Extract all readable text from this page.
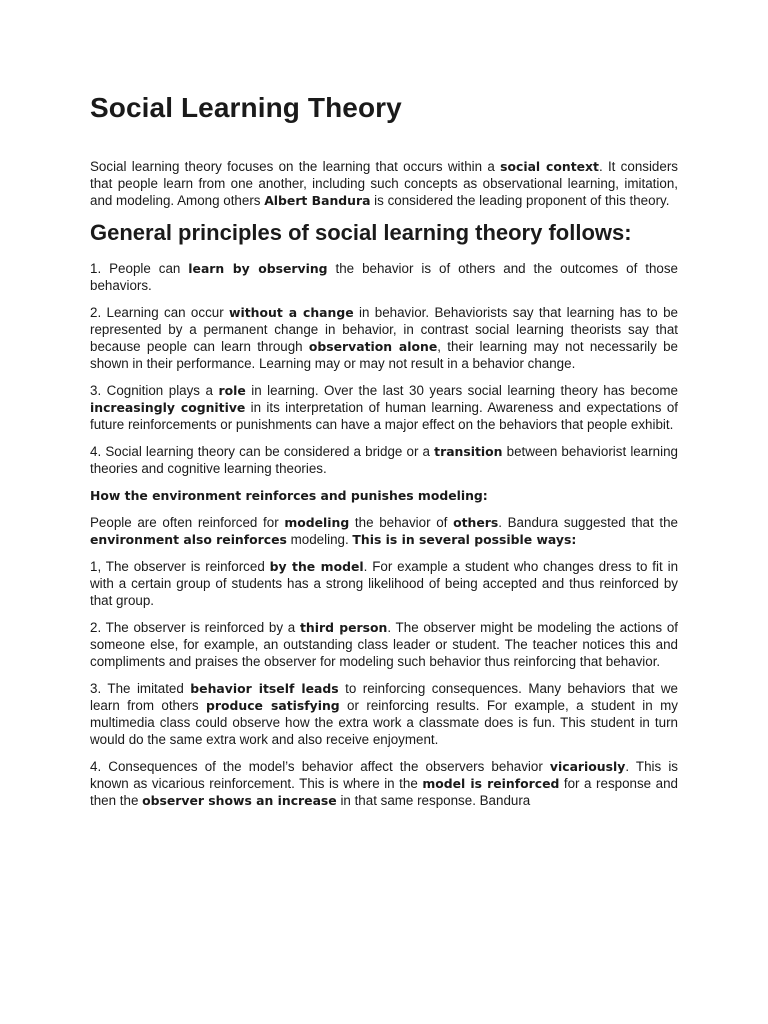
Social Learning Theory

Social learning theory focuses on the learning that occurs within a social context. It considers that people learn from one another, including such concepts as observational learning, imitation, and modeling. Among others Albert Bandura is considered the leading proponent of this theory.

General principles of social learning theory follows:

1. People can learn by observing the behavior is of others and the outcomes of those behaviors.

2. Learning can occur without a change in behavior. Behaviorists say that learning has to be represented by a permanent change in behavior, in contrast social learning theorists say that because people can learn through observation alone, their learning may not necessarily be shown in their performance. Learning may or may not result in a behavior change.

3. Cognition plays a role in learning. Over the last 30 years social learning theory has become increasingly cognitive in its interpretation of human learning. Awareness and expectations of future reinforcements or punishments can have a major effect on the behaviors that people exhibit.

4. Social learning theory can be considered a bridge or a transition between behaviorist learning theories and cognitive learning theories.

How the environment reinforces and punishes modeling:

People are often reinforced for modeling the behavior of others. Bandura suggested that the environment also reinforces modeling. This is in several possible ways:

1, The observer is reinforced by the model. For example a student who changes dress to fit in with a certain group of students has a strong likelihood of being accepted and thus reinforced by that group.

2. The observer is reinforced by a third person. The observer might be modeling the actions of someone else, for example, an outstanding class leader or student. The teacher notices this and compliments and praises the observer for modeling such behavior thus reinforcing that behavior.

3. The imitated behavior itself leads to reinforcing consequences. Many behaviors that we learn from others produce satisfying or reinforcing results. For example, a student in my multimedia class could observe how the extra work a classmate does is fun. This student in turn would do the same extra work and also receive enjoyment.

4. Consequences of the model’s behavior affect the observers behavior vicariously. This is known as vicarious reinforcement. This is where in the model is reinforced for a response and then the observer shows an increase in that same response. Bandura
